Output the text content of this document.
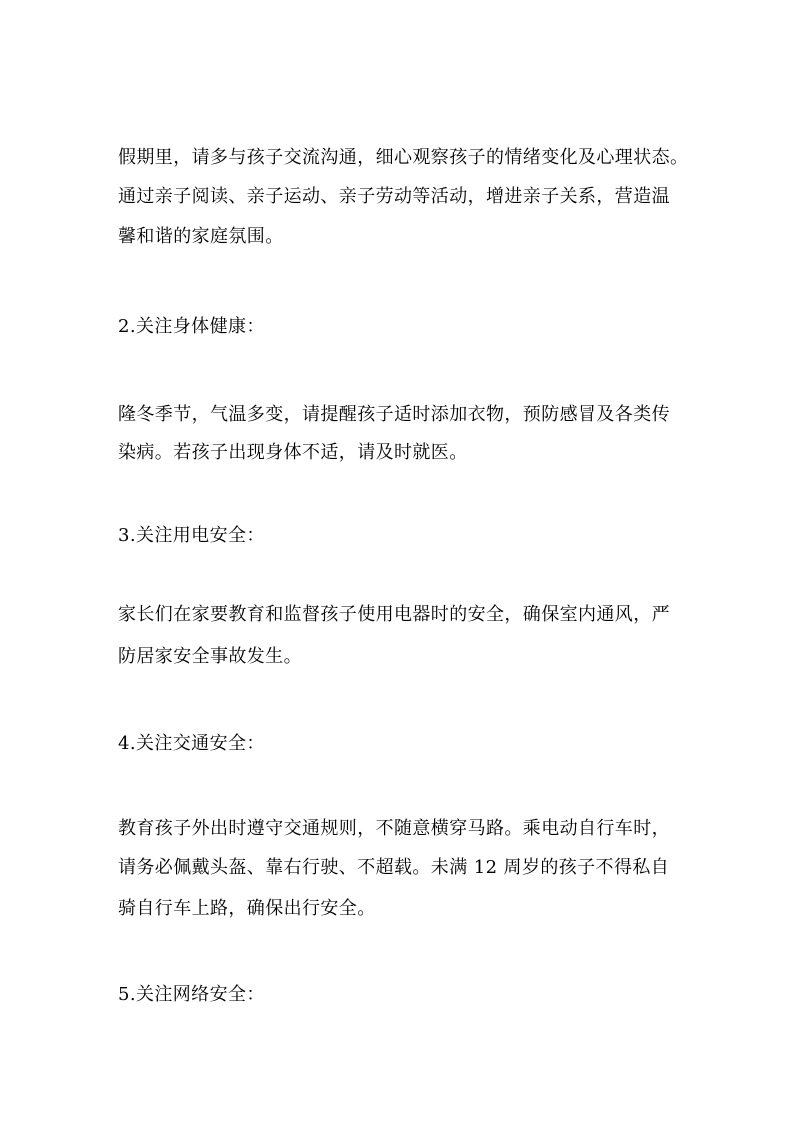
假期里，请多与孩子交流沟通，细心观察孩子的情绪变化及心理状态。
通过亲子阅读、亲子运动、亲子劳动等活动，增进亲子关系，营造温
馨和谐的家庭氛围。
2.关注身体健康：
隆冬季节，气温多变，请提醒孩子适时添加衣物，预防感冒及各类传
染病。若孩子出现身体不适，请及时就医。
3.关注用电安全：
家长们在家要教育和监督孩子使用电器时的安全，确保室内通风，严
防居家安全事故发生。
4.关注交通安全：
教育孩子外出时遵守交通规则，不随意横穿马路。乘电动自行车时，
请务必佩戴头盔、靠右行驶、不超载。未满 12 周岁的孩子不得私自
骑自行车上路，确保出行安全。
5.关注网络安全：
